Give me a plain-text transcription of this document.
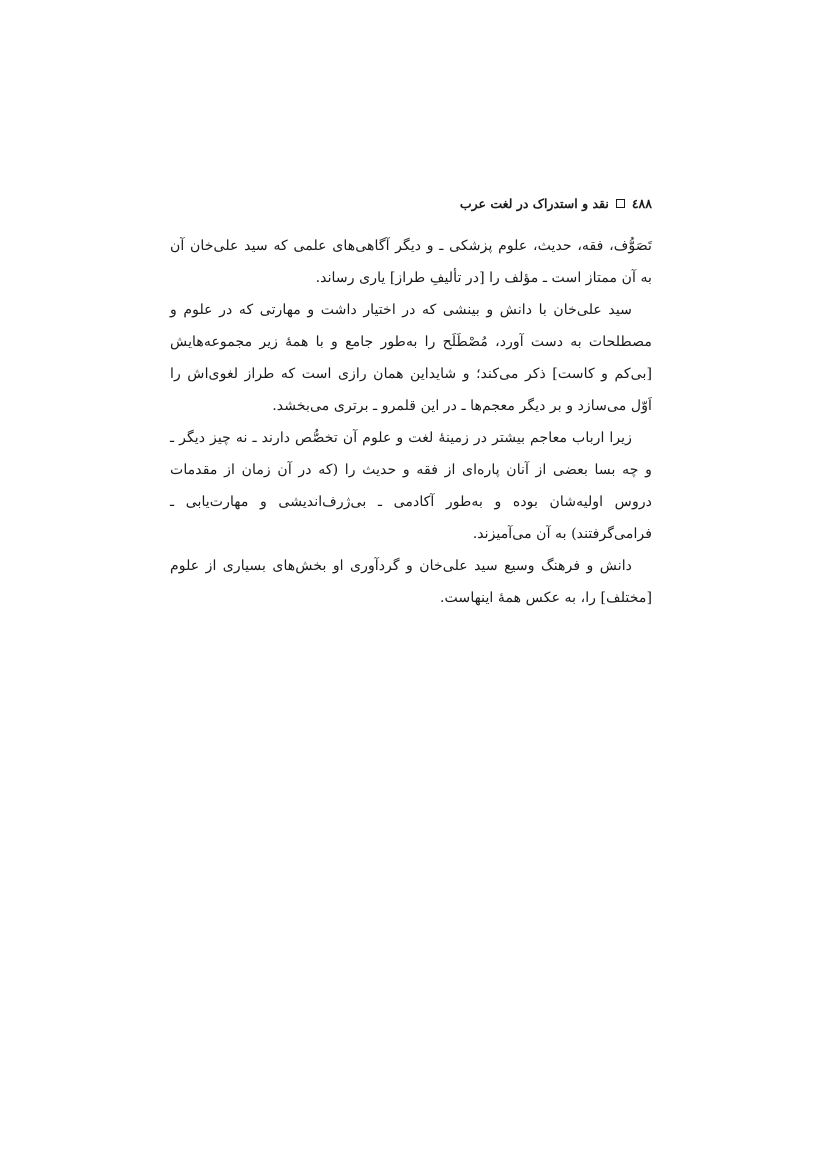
٤٨٨
نقد و استدراک در لغت عرب

تَصَوُّف، فقه، حدیث، علوم پزشکی ـ و دیگر آگاهی‌های علمی که سید علی‌خان آن به آن ممتاز است ـ مؤلف را [در تألیفِ طراز] یاری رساند.

سید علی‌خان با دانش و بینشی که در اختیار داشت و مهارتی که در علوم و مصطلحات به دست آورد، مُصْطَلَح را به‌طور جامع و با همهٔ زیر مجموعه‌هایش [بی‌کم و کاست] ذکر می‌کند؛ و شایداین همان رازی است که طراز لغوی‌اش را اَوّل می‌سازد و بر دیگر معجم‌ها ـ در این قلمرو ـ برتری می‌بخشد.

زیرا ارباب معاجم بیشتر در زمینهٔ لغت و علوم آن تخصُّص دارند ـ نه چیز دیگر ـ و چه بسا بعضی از آنان پاره‌ای از فقه و حدیث را (که در آن زمان از مقدمات دروس اولیه‌شان بوده و به‌طور آکادمی ـ بی‌ژرف‌اندیشی و مهارت‌یابی ـ فرامی‌گرفتند) به آن می‌آمیزند.

دانش و فرهنگ وسیع سید علی‌خان و گردآوری او بخش‌های بسیاری از علوم [مختلف] را، به عکس همهٔ اینهاست.
